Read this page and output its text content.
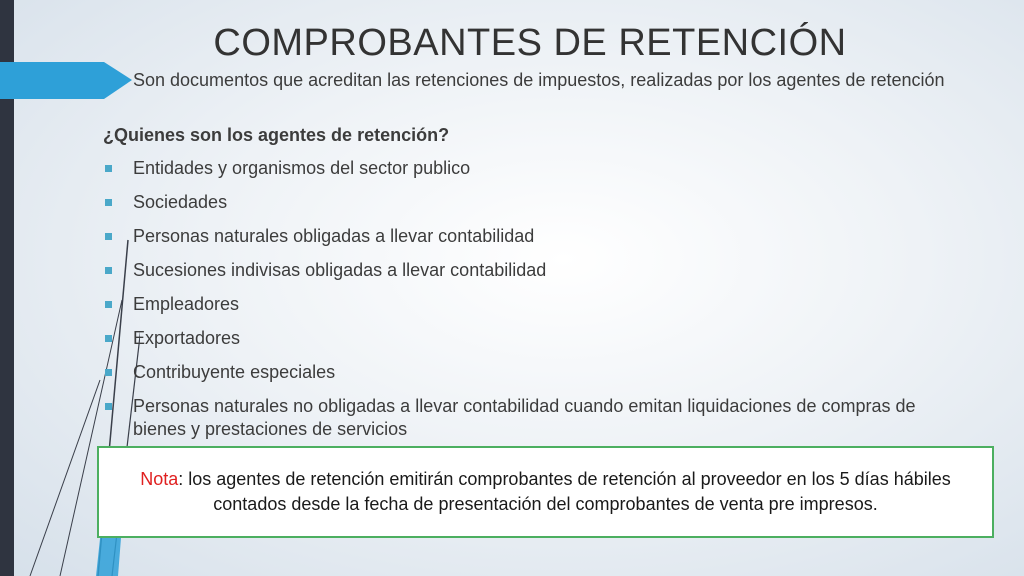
COMPROBANTES DE RETENCIÓN
Son documentos que acreditan las retenciones de impuestos, realizadas por los agentes de retención
¿Quienes son los agentes de retención?
Entidades y organismos del sector publico
Sociedades
Personas naturales obligadas a llevar contabilidad
Sucesiones indivisas obligadas a llevar contabilidad
Empleadores
Exportadores
Contribuyente especiales
Personas naturales no obligadas a llevar contabilidad cuando emitan liquidaciones de compras de bienes y prestaciones de servicios
Nota: los agentes de retención emitirán comprobantes de retención al proveedor en los 5 días hábiles contados desde la fecha de presentación del comprobantes de venta pre impresos.
